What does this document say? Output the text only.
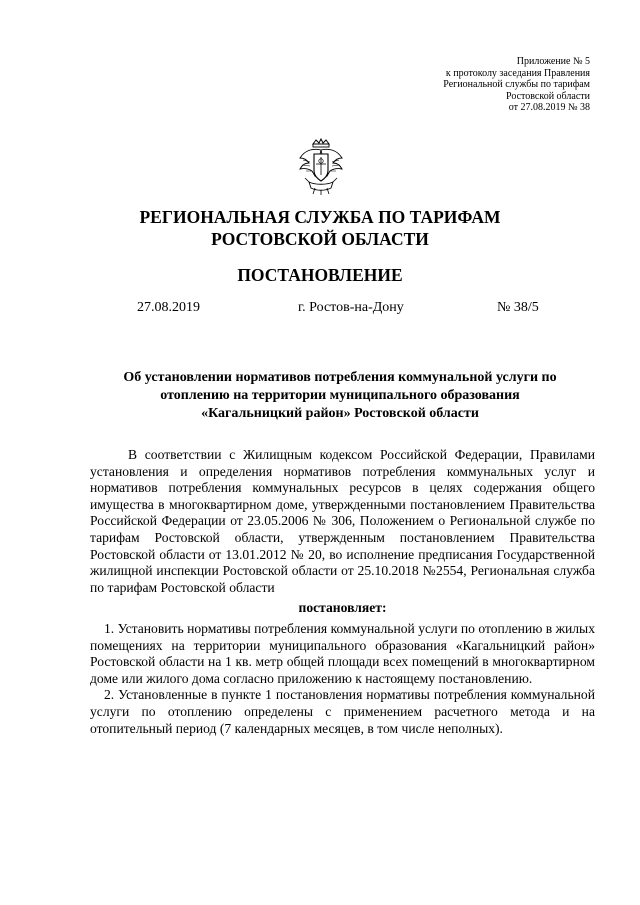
Приложение № 5
к протоколу заседания Правления
Региональной службы по тарифам
Ростовской области
от 27.08.2019 № 38
РЕГИОНАЛЬНАЯ СЛУЖБА ПО ТАРИФАМ
РОСТОВСКОЙ ОБЛАСТИ
ПОСТАНОВЛЕНИЕ
27.08.2019	г. Ростов-на-Дону	№ 38/5
Об установлении нормативов потребления коммунальной услуги по
отоплению на территории муниципального образования
«Кагальницкий район» Ростовской области

В соответствии с Жилищным кодексом Российской Федерации, Правилами установления и определения нормативов потребления коммунальных услуг и нормативов потребления коммунальных ресурсов в целях содержания общего имущества в многоквартирном доме, утвержденными постановлением Правительства Российской Федерации от 23.05.2006 № 306, Положением о Региональной службе по тарифам Ростовской области, утвержденным постановлением Правительства Ростовской области от 13.01.2012 № 20, во исполнение предписания Государственной жилищной инспекции Ростовской области от 25.10.2018 №2554, Региональная служба по тарифам Ростовской области

постановляет:

1. Установить нормативы потребления коммунальной услуги по отоплению в жилых помещениях на территории муниципального образования «Кагальницкий район» Ростовской области на 1 кв. метр общей площади всех помещений в многоквартирном доме или жилого дома согласно приложению к настоящему постановлению.

2. Установленные в пункте 1 постановления нормативы потребления коммунальной услуги по отоплению определены с применением расчетного метода и на отопительный период (7 календарных месяцев, в том числе неполных).
